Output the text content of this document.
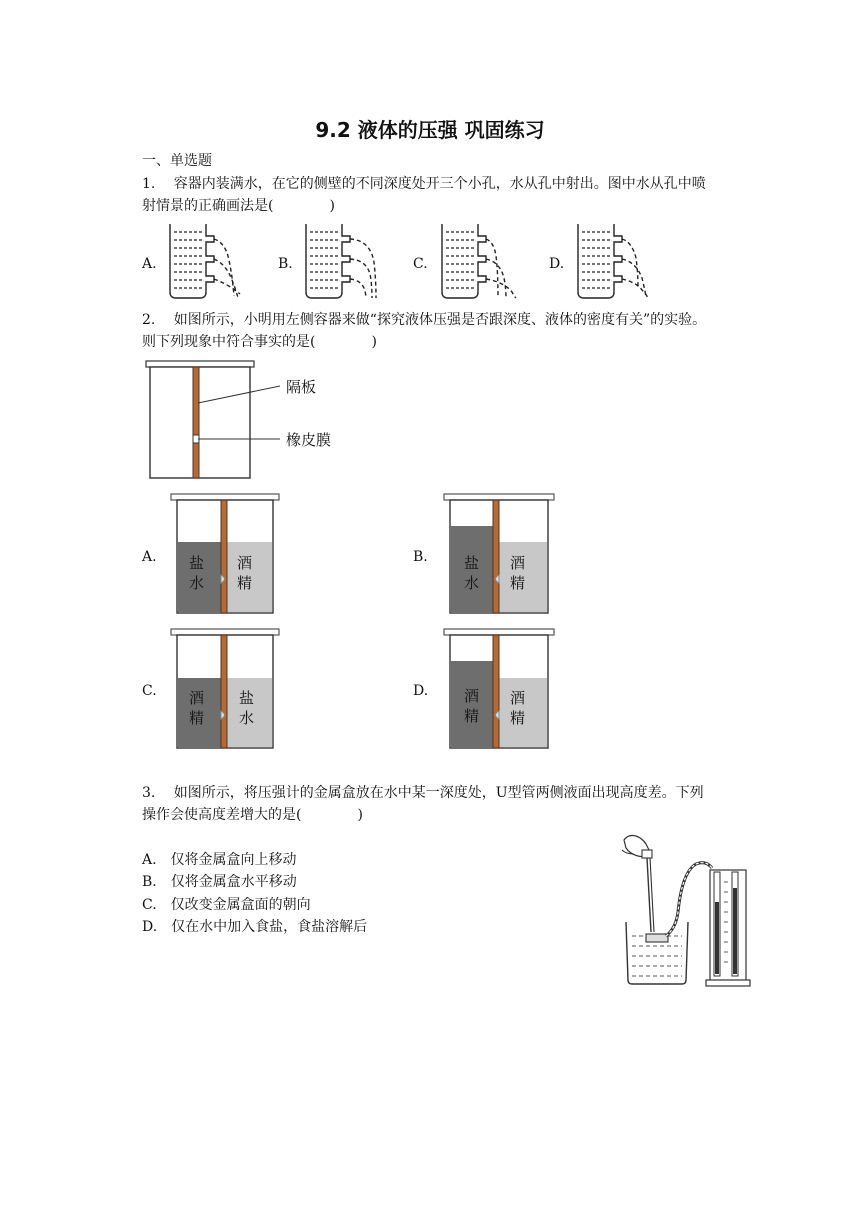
9.2 液体的压强 巩固练习
一、单选题
1.　 容器内装满水，在它的侧壁的不同深度处开三个小孔，水从孔中射出。图中水从孔中喷
射情景的正确画法是(　　　　)
A.	B.	C.	D.
2.　 如图所示，小明用左侧容器来做“探究液体压强是否跟深度、液体的密度有关”的实验。
则下列现象中符合事实的是(　　　　)
隔板
橡皮膜
A.	B.
C.	D.
盐
水
酒
精
盐
水
酒
精
酒
精
盐
水
酒
精
酒
精
3.　 如图所示，将压强计的金属盒放在水中某一深度处，U型管两侧液面出现高度差。下列
操作会使高度差增大的是(　　　　)
A.　仅将金属盒向上移动
B.　仅将金属盒水平移动
C.　仅改变金属盒面的朝向
D.　仅在水中加入食盐，食盐溶解后
